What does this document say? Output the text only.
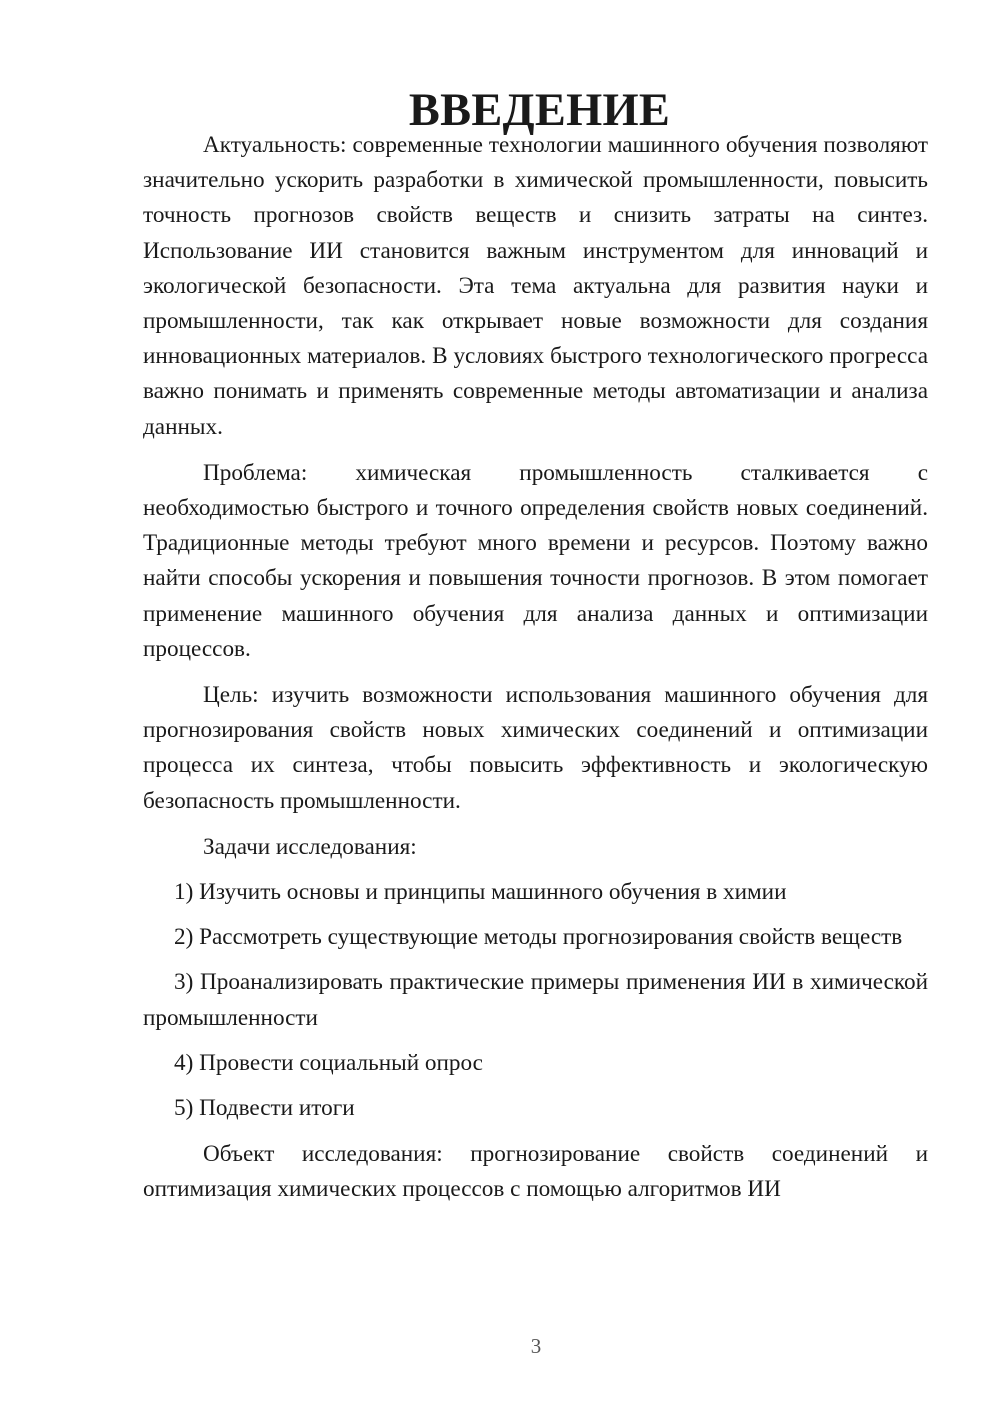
ВВЕДЕНИЕ

Актуальность: современные технологии машинного обучения позволяют значительно ускорить разработки в химической промышленности, повысить точность прогнозов свойств веществ и снизить затраты на синтез. Использование ИИ становится важным инструментом для инноваций и экологической безопасности. Эта тема актуальна для развития науки и промышленности, так как открывает новые возможности для создания инновационных материалов. В условиях быстрого технологического прогресса важно понимать и применять современные методы автоматизации и анализа данных.

Проблема: химическая промышленность сталкивается с необходимостью быстрого и точного определения свойств новых соединений. Традиционные методы требуют много времени и ресурсов. Поэтому важно найти способы ускорения и повышения точности прогнозов. В этом помогает применение машинного обучения для анализа данных и оптимизации процессов.

Цель: изучить возможности использования машинного обучения для прогнозирования свойств новых химических соединений и оптимизации процесса их синтеза, чтобы повысить эффективность и экологическую безопасность промышленности.

Задачи исследования:

1) Изучить основы и принципы машинного обучения в химии

2) Рассмотреть существующие методы прогнозирования свойств веществ

3) Проанализировать практические примеры применения ИИ в химической промышленности

4) Провести социальный опрос

5) Подвести итоги

Объект исследования: прогнозирование свойств соединений и оптимизация химических процессов с помощью алгоритмов ИИ

3
